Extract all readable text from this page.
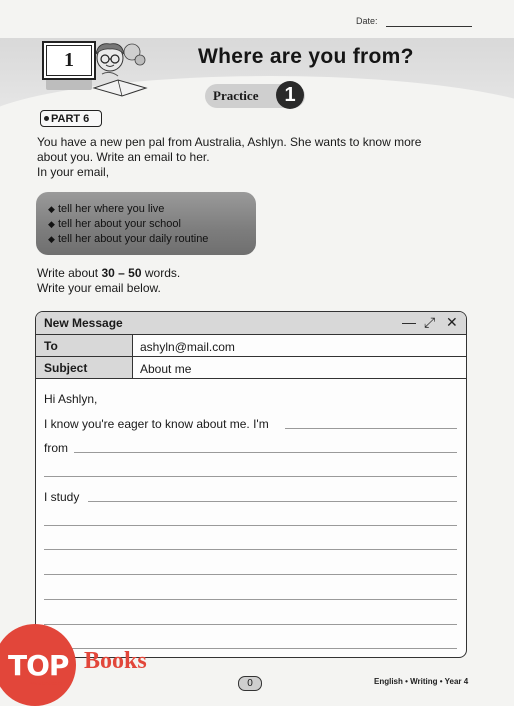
Date:
1	Where are you from?
Practice	1
PART 6
You have a new pen pal from Australia, Ashlyn. She wants to know more
about you. Write an email to her.
In your email,
◆ tell her where you live
◆ tell her about your school
◆ tell her about your daily routine
Write about 30 – 50 words.
Write your email below.
New Message	— ⤢ ✕
To	ashyln@mail.com
Subject	About me
Hi Ashlyn,
I know you're eager to know about me. I'm
from
I study
TOP Books
www.topbooks	0	English • Writing • Year 4
